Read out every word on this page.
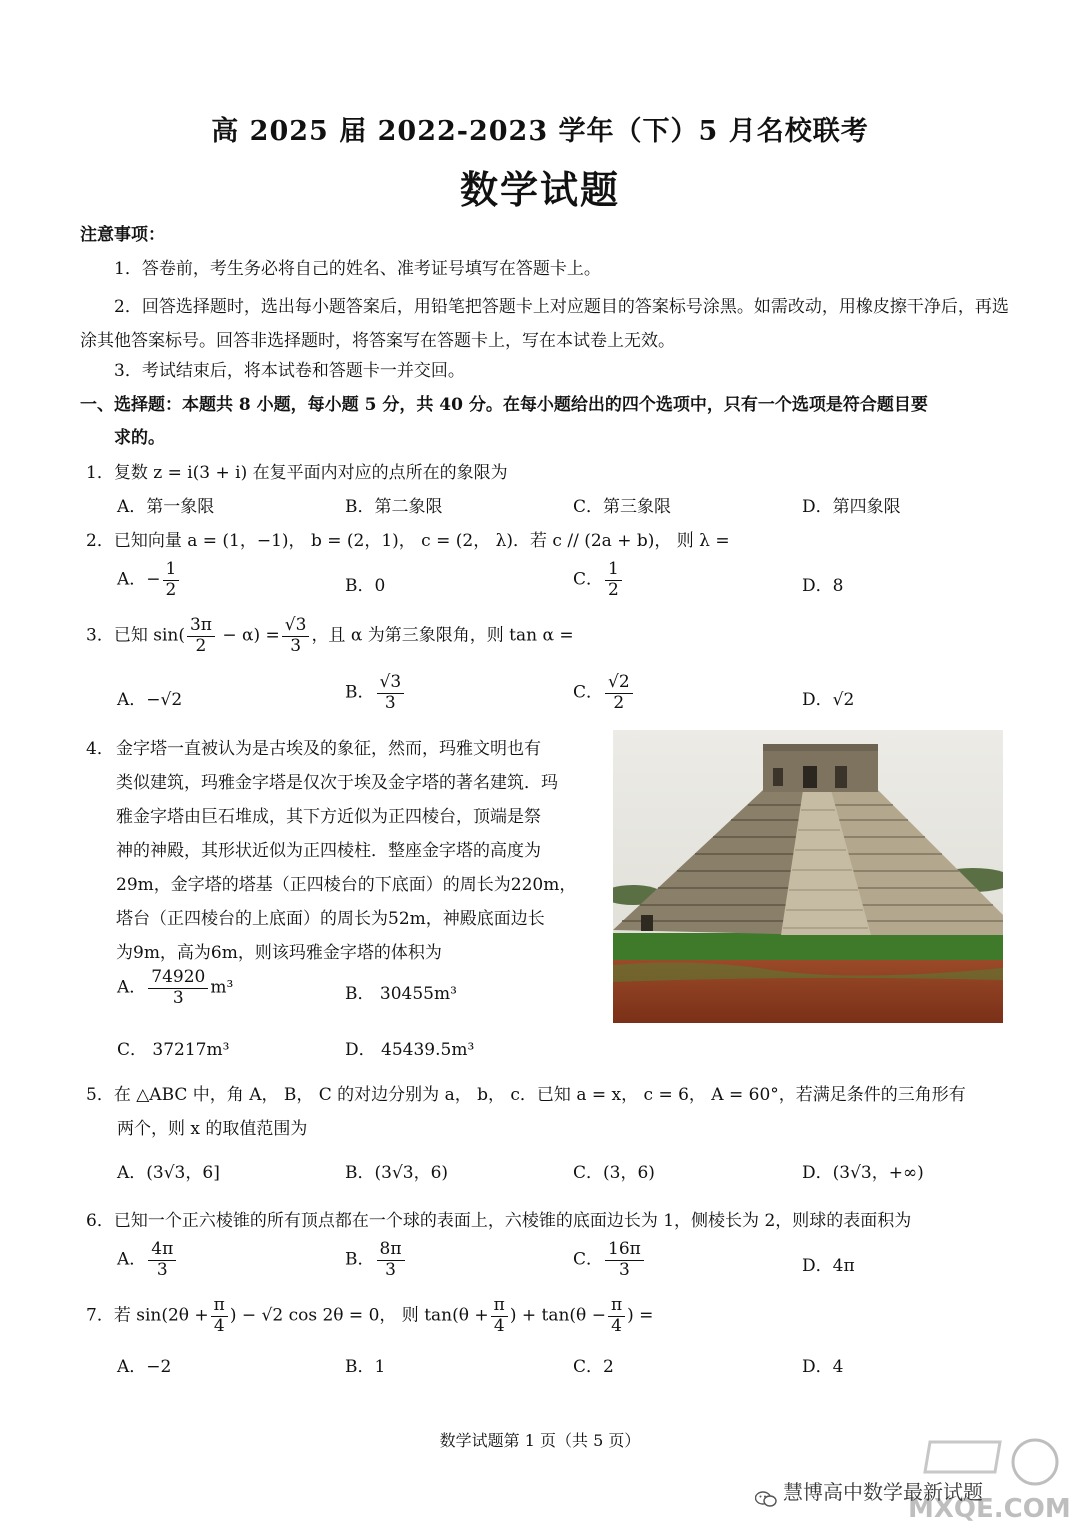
高 2025 届 2022-2023 学年（下）5 月名校联考
数学试题
注意事项：
1．答卷前，考生务必将自己的姓名、准考证号填写在答题卡上。
2．回答选择题时，选出每小题答案后，用铅笔把答题卡上对应题目的答案标号涂黑。如需改动，用橡皮擦干净后，再选涂其他答案标号。回答非选择题时，将答案写在答题卡上，写在本试卷上无效。
3．考试结束后，将本试卷和答题卡一并交回。
一、选择题：本题共 8 小题，每小题 5 分，共 40 分。在每小题给出的四个选项中，只有一个选项是符合题目要
求的。
1．复数 z = i(3 + i) 在复平面内对应的点所在的象限为
A．第一象限	B．第二象限	C．第三象限	D．第四象限
2．已知向量 a = (1，−1)， b = (2，1)， c = (2， λ)．若 c // (2a + b)， 则 λ =
A．− $\frac{1}{2}$	B．0	C． $\frac{1}{2}$	D．8
3．已知 $\sin( \frac{3\pi}{2} - \alpha) = \frac{√3}{3}$ ，且 α 为第三象限角，则 tan α =
A．−√2	B． $\frac{√3}{3}$	C． $\frac{√2}{2}$	D．√2
4． 金字塔一直被认为是古埃及的象征，然而，玛雅文明也有
类似建筑，玛雅金字塔是仅次于埃及金字塔的著名建筑．玛
雅金字塔由巨石堆成，其下方近似为正四棱台，顶端是祭
神的神殿，其形状近似为正四棱柱．整座金字塔的高度为
29m，金字塔的塔基（正四棱台的下底面）的周长为220m，
塔台（正四棱台的上底面）的周长为52m，神殿底面边长
为9m，高为6m，则该玛雅金字塔的体积为
A． $\frac{74920}{3} m^3$	B． 30455m³
C． 37217m³	D． 45439.5m³
5．在 △ABC 中，角 A， B， C 的对边分别为 a， b， c．已知 a = x， c = 6， A = 60°，若满足条件的三角形有
两个，则 x 的取值范围为
A．(3√3，6]	B．(3√3，6)	C．(3，6)	D．(3√3，+∞)
6．已知一个正六棱锥的所有顶点都在一个球的表面上，六棱锥的底面边长为 1，侧棱长为 2，则球的表面积为
A． $\frac{4\pi}{3}$	B． $\frac{8\pi}{3}$	C． $\frac{16\pi}{3}$	D．4π
7．若 $\sin(2\theta + \frac{\pi}{4}$ ) − √2 cos 2θ = 0， 则 $\tan(\theta + \frac{\pi}{4}$ ) + $\tan(\theta - \frac{\pi}{4}$ ) =
A．−2	B．1	C．2	D．4
数学试题第 1 页（共 5 页）
MXQE.COM
慧博高中数学最新试题
